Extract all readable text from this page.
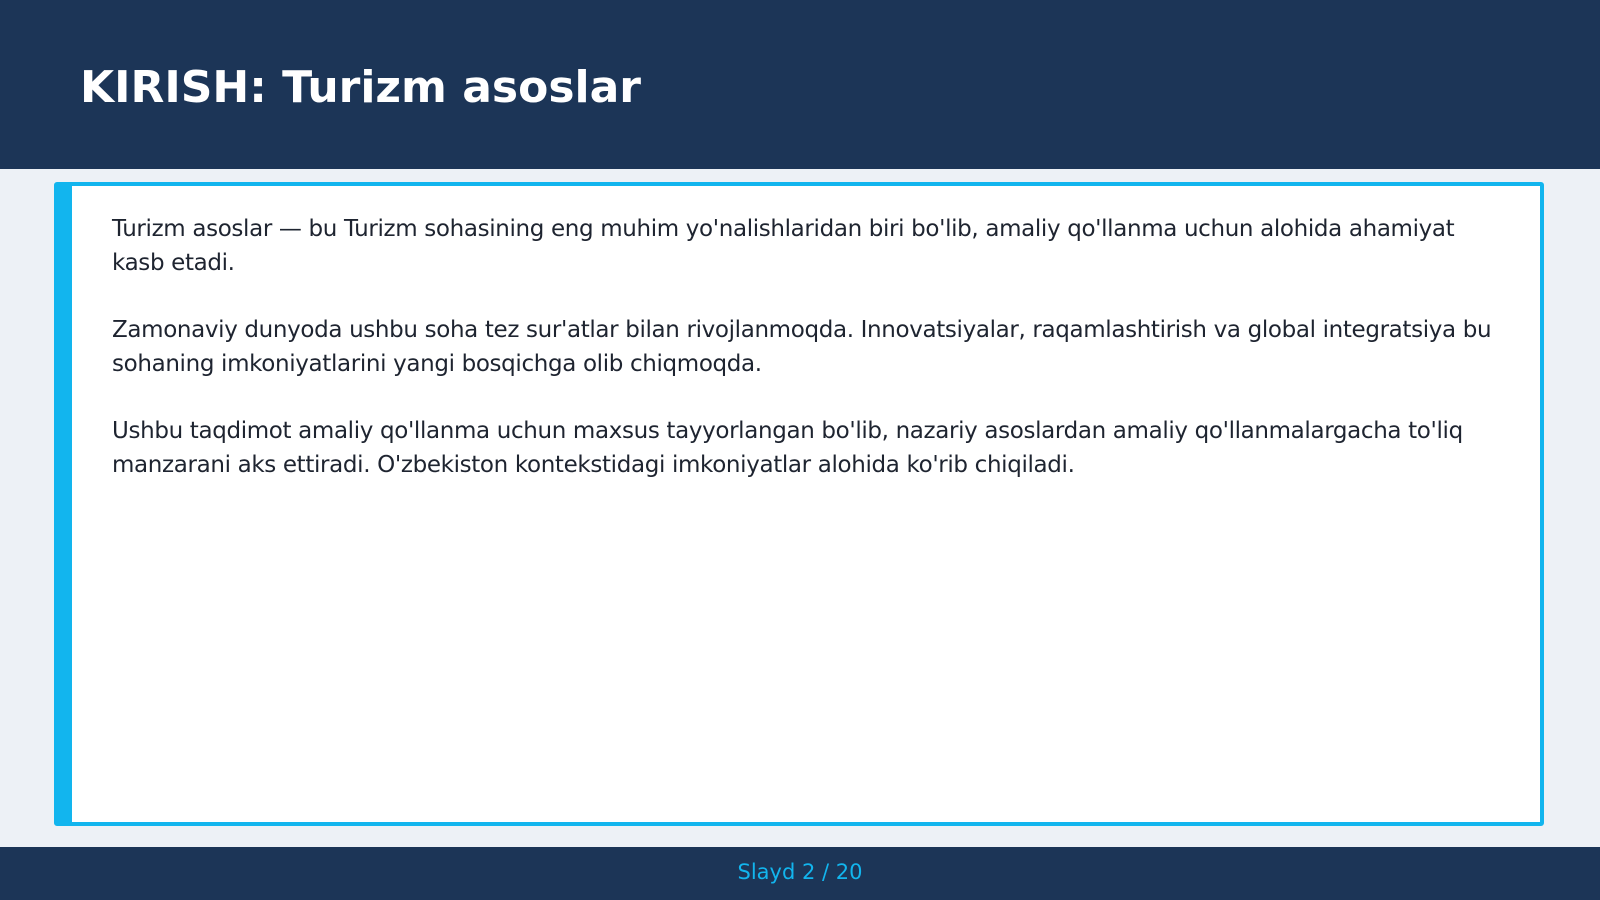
KIRISH: Turizm asoslar

Turizm asoslar — bu Turizm sohasining eng muhim yo'nalishlaridan biri bo'lib, amaliy qo'llanma uchun alohida ahamiyat kasb etadi.

Zamonaviy dunyoda ushbu soha tez sur'atlar bilan rivojlanmoqda. Innovatsiyalar, raqamlashtirish va global integratsiya bu sohaning imkoniyatlarini yangi bosqichga olib chiqmoqda.

Ushbu taqdimot amaliy qo'llanma uchun maxsus tayyorlangan bo'lib, nazariy asoslardan amaliy qo'llanmalargacha to'liq manzarani aks ettiradi. O'zbekiston kontekstidagi imkoniyatlar alohida ko'rib chiqiladi.

Slayd 2 / 20
